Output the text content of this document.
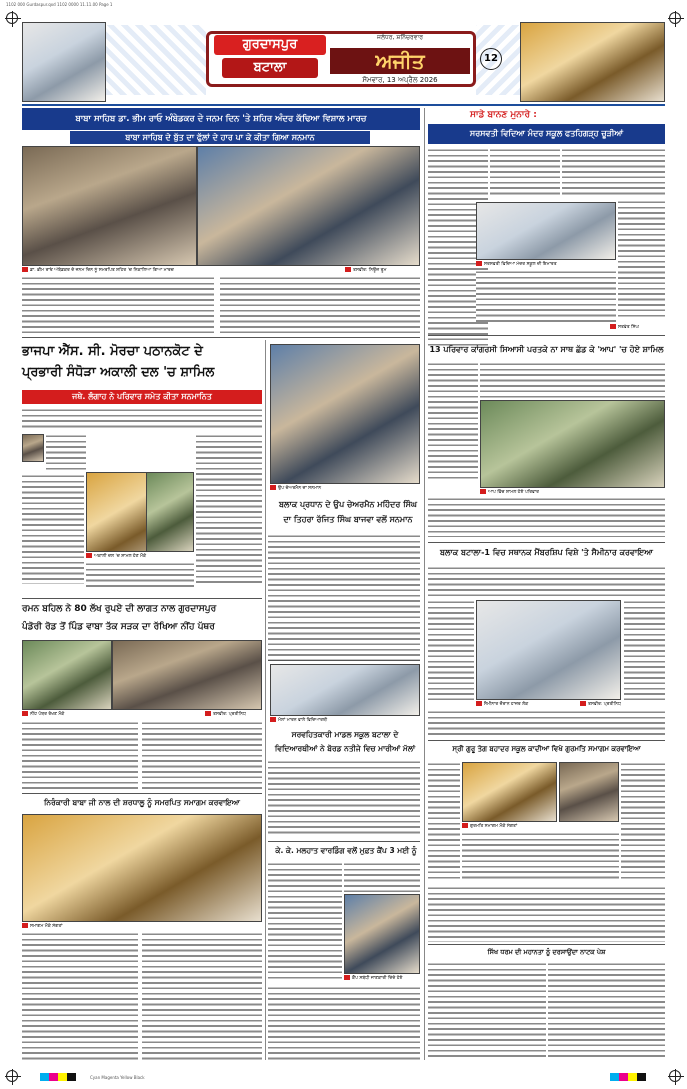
1102 000 Gurdaspur.qxd 1102 0000 11.11.00 Page 1
Cyan Magenta Yellow Black
ਗੁਰਦਾਸਪੁਰ
ਬਟਾਲਾ
ਜਲੰਧਰ, ਸ਼ਨਿੱਚਰਵਾਰ
ਅਜੀਤ
ਸੋਮਵਾਰ, 13 ਅਪ੍ਰੈਲ 2026
12
ਬਾਬਾ ਸਾਹਿਬ ਡਾ. ਭੀਮ ਰਾਓ ਅੰਬੇਡਕਰ ਦੇ ਜਨਮ ਦਿਨ 'ਤੇ ਸ਼ਹਿਰ ਅੰਦਰ ਕੱਢਿਆ ਵਿਸ਼ਾਲ ਮਾਰਚ
ਬਾਬਾ ਸਾਹਿਬ ਦੇ ਬੁੱਤ ਦਾ ਫੁੱਲਾਂ ਦੇ ਹਾਰ ਪਾ ਕੇ ਕੀਤਾ ਗਿਆ ਸਨਮਾਨ
ਡਾ. ਭੀਮ ਰਾਓ ਅੰਬੇਡਕਰ ਦੇ ਜਨਮ ਦਿਨ ਨੂੰ ਸਮਰਪਿਤ ਸ਼ਹਿਰ 'ਚ ਨਿਕਾਲਿਆ ਗਿਆ ਮਾਰਚ	ਤਸਵੀਰ: ਨਿਊਜ਼ ਰੂਮ
ਸਾਡੇ ਬਾਨਣ ਮੁਨਾਰੇ :
ਸਰਸਵਤੀ ਵਿਦਿਆ ਮੰਦਰ ਸਕੂਲ ਫਤਹਿਗੜ੍ਹ ਚੂੜੀਆਂ
ਸਰਸਵਤੀ ਵਿਦਿਆ ਮੰਦਰ ਸਕੂਲ ਦੀ ਇਮਾਰਤ
ਸਤਵੰਤ ਸਿੰਘ
ਭਾਜਪਾ ਐੱਸ. ਸੀ. ਮੋਰਚਾ ਪਠਾਨਕੋਟ ਦੇ
ਪ੍ਰਭਾਰੀ ਸੰਧੋੜਾ ਅਕਾਲੀ ਦਲ 'ਚ ਸ਼ਾਮਿਲ
ਜਥੇ. ਲੰਗਾਹ ਨੇ ਪਰਿਵਾਰ ਸਮੇਤ ਕੀਤਾ ਸਨਮਾਨਿਤ
ਅਕਾਲੀ ਦਲ 'ਚ ਸ਼ਾਮਲ ਹੋਣ ਮੌਕੇ
ਉਪ ਚੇਅਰਮੈਨ ਦਾ ਸਨਮਾਨ
ਬਲਾਕ ਪ੍ਰਧਾਨ ਦੇ ਉਪ ਚੇਅਰਮੈਨ ਮਹਿੰਦਰ ਸਿੰਘ
ਦਾ ਤਿਹਰਾ ਰੱਜਿਤ ਸਿੰਘ ਬਾਜਵਾ ਵਲੋਂ ਸਨਮਾਨ
13 ਪਰਿਵਾਰ ਕਾਂਗਰਸੀ ਸਿਆਸੀ ਪਰਤਕੇ ਨਾ ਸਾਥ ਛੱਡ ਕੇ 'ਆਪ' 'ਚ ਹੋਏ ਸ਼ਾਮਿਲ
ਆਪ ਵਿੱਚ ਸ਼ਾਮਲ ਹੋਏ ਪਰਿਵਾਰ
ਰਮਨ ਬਹਿਲ ਨੇ 80 ਲੱਖ ਰੁਪਏ ਦੀ ਲਾਗਤ ਨਾਲ ਗੁਰਦਾਸਪੁਰ
ਪੰਡੋਰੀ ਰੋਡ ਤੋਂ ਪਿੰਡ ਵਾਬਾ ਤੱਕ ਸੜਕ ਦਾ ਰੱਖਿਆ ਨੀਂਹ ਪੱਥਰ
ਨੀਂਹ ਪੱਥਰ ਰੱਖਣ ਮੌਕੇ	ਤਸਵੀਰ: ਪ੍ਰਤੀਨਿਧ
ਮੱਲਾਂ ਮਾਰਨ ਵਾਲੇ ਵਿਦਿਆਰਥੀ
ਸਰਵਹਿਤਕਾਰੀ ਮਾਡਲ ਸਕੂਲ ਬਟਾਲਾ ਦੇ
ਵਿਦਿਆਰਥੀਆਂ ਨੇ ਬੋਰਡ ਨਤੀਜੇ ਵਿਚ ਮਾਰੀਆਂ ਮੱਲਾਂ
ਬਲਾਕ ਬਟਾਲਾ-1 ਵਿਚ ਸਥਾਨਕ ਮੈਂਬਰਸ਼ਿਪ ਵਿਸ਼ੇ 'ਤੇ ਸੈਮੀਨਾਰ ਕਰਵਾਇਆ
ਸੈਮੀਨਾਰ ਦੌਰਾਨ ਹਾਜ਼ਰ ਲੋਕ	ਤਸਵੀਰ: ਪ੍ਰਤੀਨਿਧ
ਸ੍ਰੀ ਗੁਰੂ ਤੇਗ ਬਹਾਦਰ ਸਕੂਲ ਕਾਦੀਆਂ ਵਿਖੇ ਗੁਰਮਤਿ ਸਮਾਗਮ ਕਰਵਾਇਆ
ਗੁਰਮਤਿ ਸਮਾਗਮ ਮੌਕੇ ਸੰਗਤਾਂ
ਨਿਰੰਕਾਰੀ ਬਾਬਾ ਜੀ ਨਾਲ ਦੀ ਸ਼ਰਧਾਲੂ ਨੂੰ ਸਮਰਪਿਤ ਸਮਾਗਮ ਕਰਵਾਇਆ
ਸਮਾਗਮ ਮੌਕੇ ਸੰਗਤਾਂ
ਕੇ. ਕੇ. ਮਲਹਾਤ ਵਾਰਡਿੰਗ ਵਲੋਂ ਮੁਫ਼ਤ ਕੈਂਪ 3 ਮਈ ਨੂੰ
ਕੈਂਪ ਸਬੰਧੀ ਜਾਣਕਾਰੀ ਦਿੰਦੇ ਹੋਏ
ਸਿੱਖ ਧਰਮ ਦੀ ਮਹਾਨਤਾ ਨੂੰ ਦਰਸਾਉਂਦਾ ਨਾਟਕ ਪੇਸ਼
